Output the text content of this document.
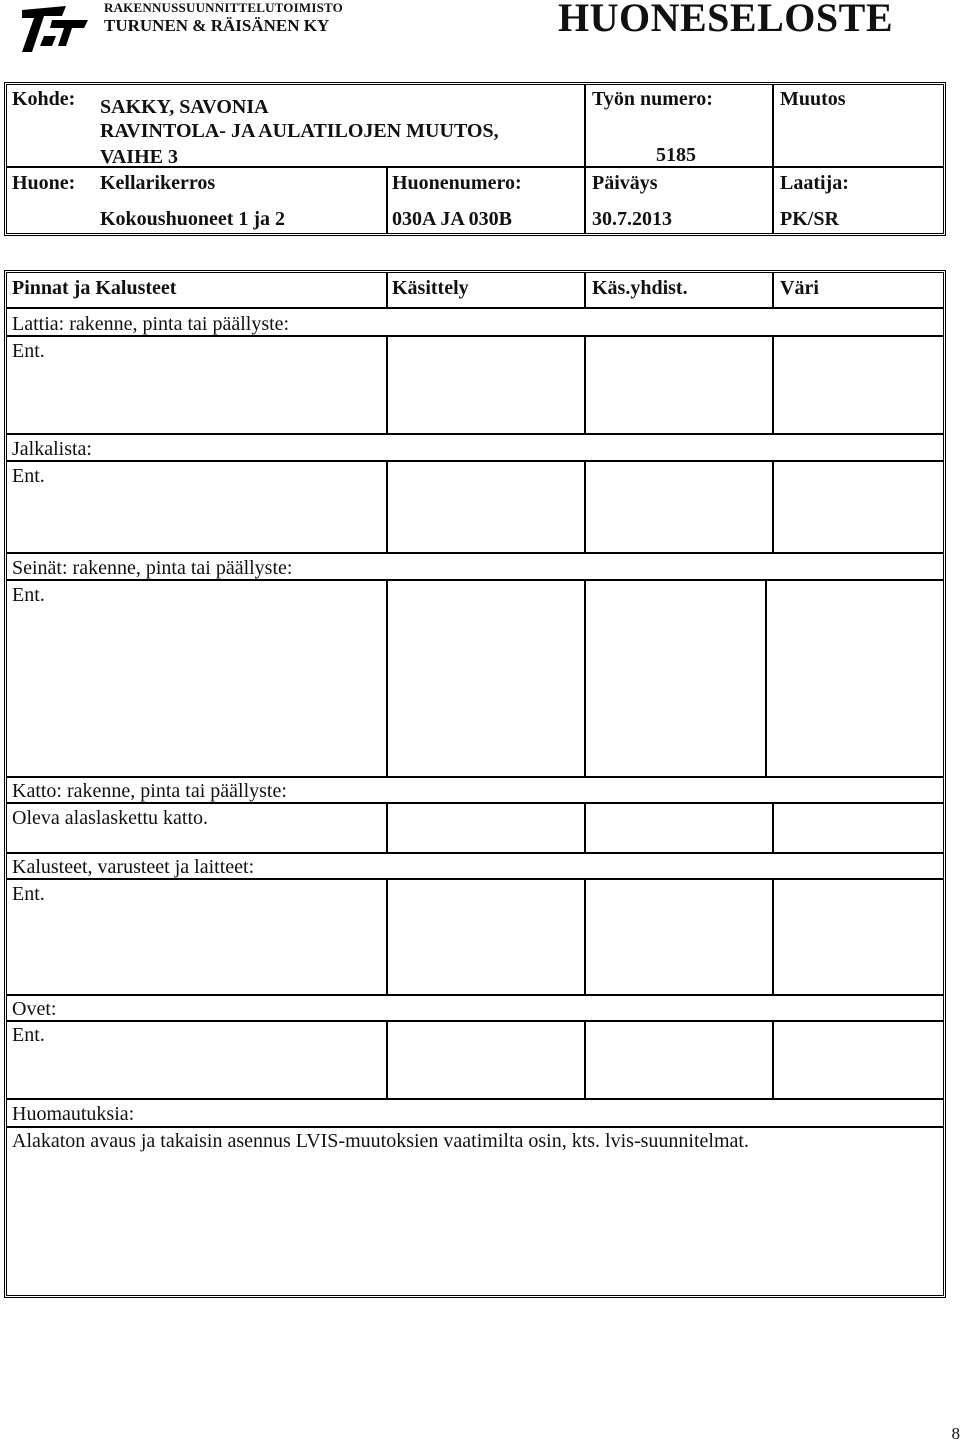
RAKENNUSSUUNNITTELUTOIMISTO
TURUNEN & RÄISÄNEN KY	HUONESELOSTE
Kohde: SAKKY, SAVONIA
RAVINTOLA- JA AULATILOJEN MUUTOS,
VAIHE 3
Työn numero:
5185
Muutos
Huone: Kellarikerros
Kokoushuoneet 1 ja 2
Huonenumero:
030A JA 030B
Päiväys
30.7.2013
Laatija:
PK/SR
Pinnat ja Kalusteet	Käsittely	Käs.yhdist.	Väri
Lattia: rakenne, pinta tai päällyste:
Ent.
Jalkalista:
Ent.
Seinät: rakenne, pinta tai päällyste:
Ent.
Katto: rakenne, pinta tai päällyste:
Oleva alaslaskettu katto.
Kalusteet, varusteet ja laitteet:
Ent.
Ovet:
Ent.
Huomautuksia:
Alakaton avaus ja takaisin asennus LVIS-muutoksien vaatimilta osin, kts. lvis-suunnitelmat.
8
